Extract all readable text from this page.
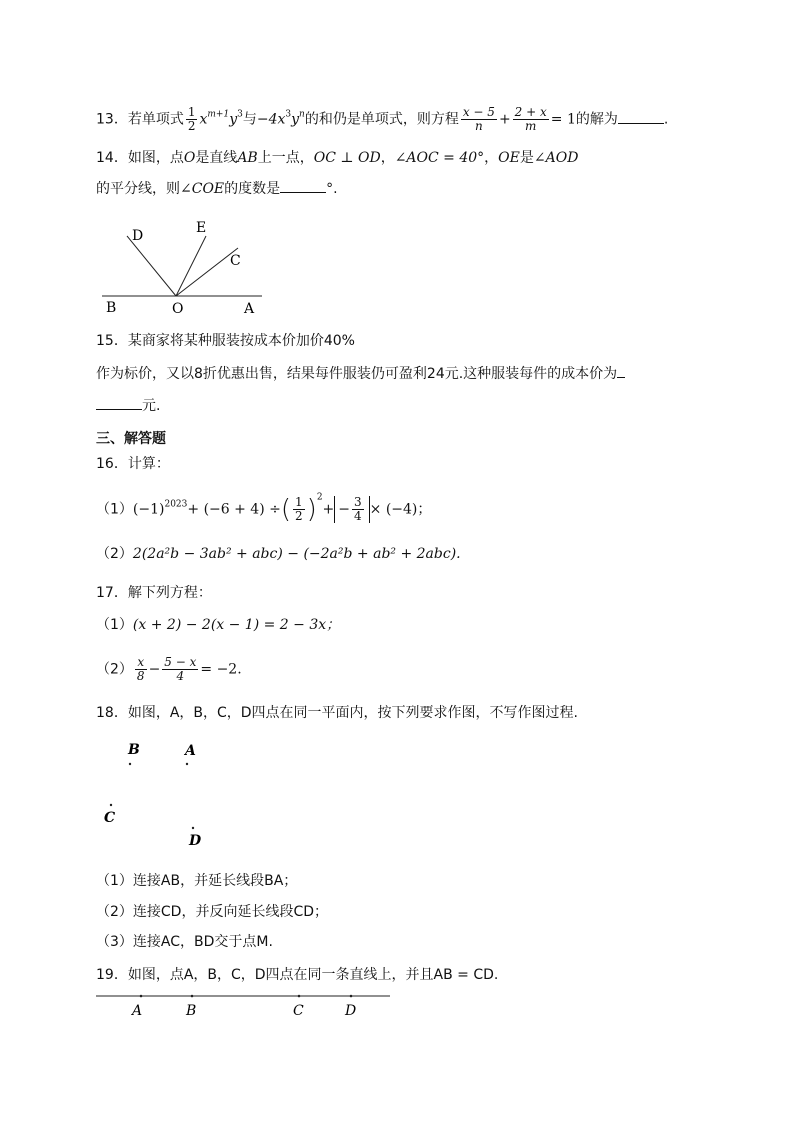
13．若单项式 $\frac{1}{2} x^{m+1}y^3$与$-4x^3y^n$的和仍是单项式，则方程 $\frac{x - 5}{n} + \frac{2 + x}{m} = 1$的解为	.
14．如图，点O是直线AB上一点，OC ⊥ OD，∠AOC = 40°，OE是∠AOD
的平分线，则∠COE的度数是	°.
D	E
C
B	O	A
15．某商家将某种服装按成本价加价40%
作为标价，又以8折优惠出售，结果每件服装仍可盈利24元.这种服装每件的成本价为
元.
三、解答题
16．计算：
$(1)(-1)^{2023}+ (-6 + 4)$ ÷( $\frac{1}{2} )^2+ - \frac{3}{4} \times (-4)$；
（2）2(2a²b − 3ab² + abc) − (−2a²b + ab² + 2abc).
17．解下列方程：
（1）(x + 2) − 2(x − 1) = 2 − 3x；
$(2) \frac{x}{8} - \frac{5 - x}{4} = -2$.
18．如图，A，B，C，D四点在同一平面内，按下列要求作图，不写作图过程.
B	A
C
D
（1）连接AB，并延长线段BA；
（2）连接CD，并反向延长线段CD；
（3）连接AC，BD交于点M.
19．如图，点A，B，C，D四点在同一条直线上，并且AB = CD.
A	B	C	D
